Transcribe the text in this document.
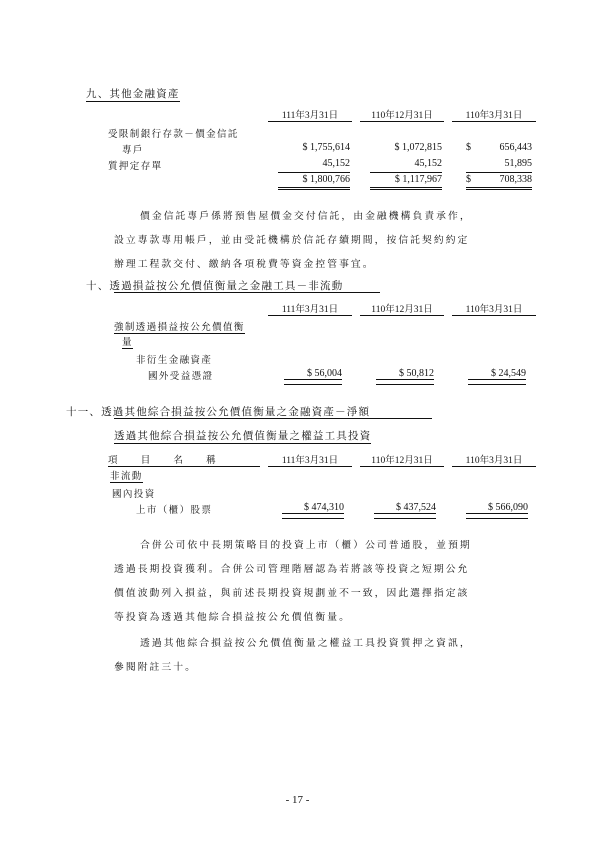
九、其他金融資產
111年3月31日	110年12月31日	110年3月31日
受限制銀行存款－價金信託
專戶	$ 1,755,614	$ 1,072,815 $	656,443
質押定存單	45,152	45,152	51,895
$ 1,800,766	$ 1,117,967 $	708,338
價金信託專戶係將預售屋價金交付信託，由金融機構負責承作，
設立專款專用帳戶，並由受託機構於信託存續期間，按信託契約約定
辦理工程款交付、繳納各項稅費等資金控管事宜。
十、透過損益按公允價值衡量之金融工具－非流動
111年3月31日	110年12月31日	110年3月31日
強制透過損益按公允價值衡
量
非衍生金融資產
國外受益憑證	$ 56,004	$ 50,812	$ 24,549
十一、透過其他綜合損益按公允價值衡量之金融資產－淨額
透過其他綜合損益按公允價值衡量之權益工具投資
項　　目　　名　　稱	111年3月31日	110年12月31日	110年3月31日
非流動
國內投資
上市（櫃）股票	$ 474,310	$ 437,524	$ 566,090
合併公司依中長期策略目的投資上市（櫃）公司普通股，並預期
透過長期投資獲利。合併公司管理階層認為若將該等投資之短期公允
價值波動列入損益，與前述長期投資規劃並不一致，因此選擇指定該
等投資為透過其他綜合損益按公允價值衡量。
透過其他綜合損益按公允價值衡量之權益工具投資質押之資訊，
參閱附註三十。
- 17 -
